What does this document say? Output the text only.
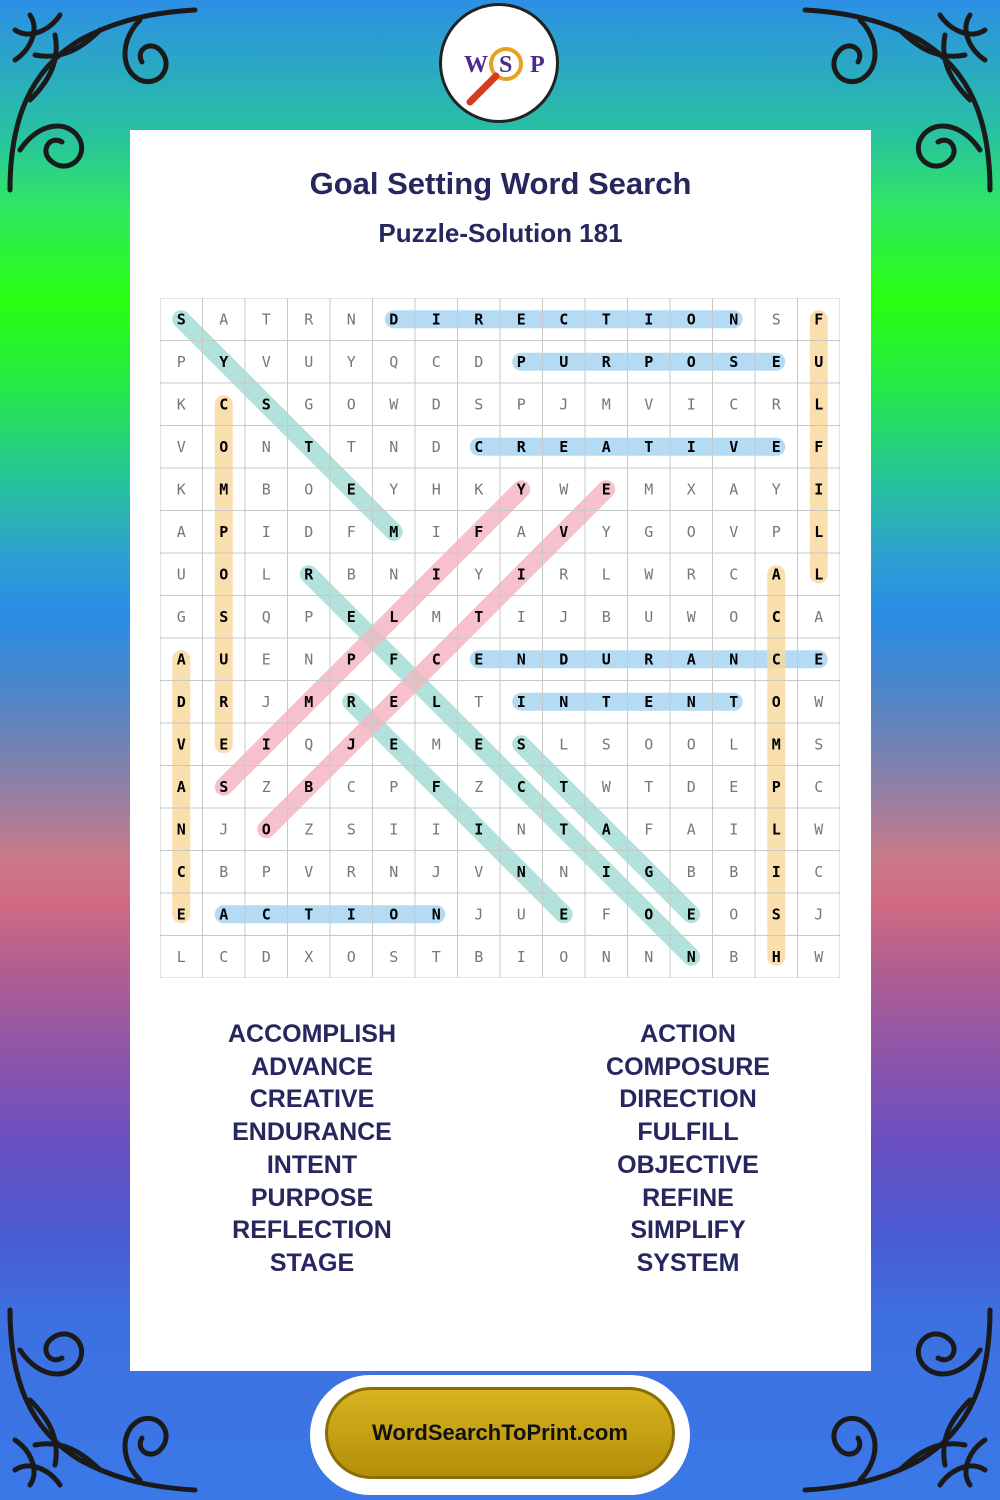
W S P
Goal Setting Word Search
Puzzle-Solution 181
S A T R N D I R E C T I O N S F
P Y V U Y Q C D P U R P O S E U
K C S G O W D S P J M V I C R L
V O N T T N D C R E A T I V E F
K M B O E Y H K Y W E M X A Y I
A P I D F M I F A V Y G O V P L
U O L R B N I Y I R L W R C A L
G S Q P E L M T I J B U W O C A
A U E N P F C E N D U R A N C E
D R J M R E L T I N T E N T O W
V E I Q J E M E S L S O O L M S
A S Z B C P F Z C T W T D E P C
N J O Z S I I I N T A F A I L W
C B P V R N J V N N I G B B I C
E A C T I O N J U E F O E O S J
L C D X O S T B I O N N N B H W
ACCOMPLISH
ADVANCE
CREATIVE
ENDURANCE
INTENT
PURPOSE
REFLECTION
STAGE
ACTION
COMPOSURE
DIRECTION
FULFILL
OBJECTIVE
REFINE
SIMPLIFY
SYSTEM
WordSearchToPrint.com
